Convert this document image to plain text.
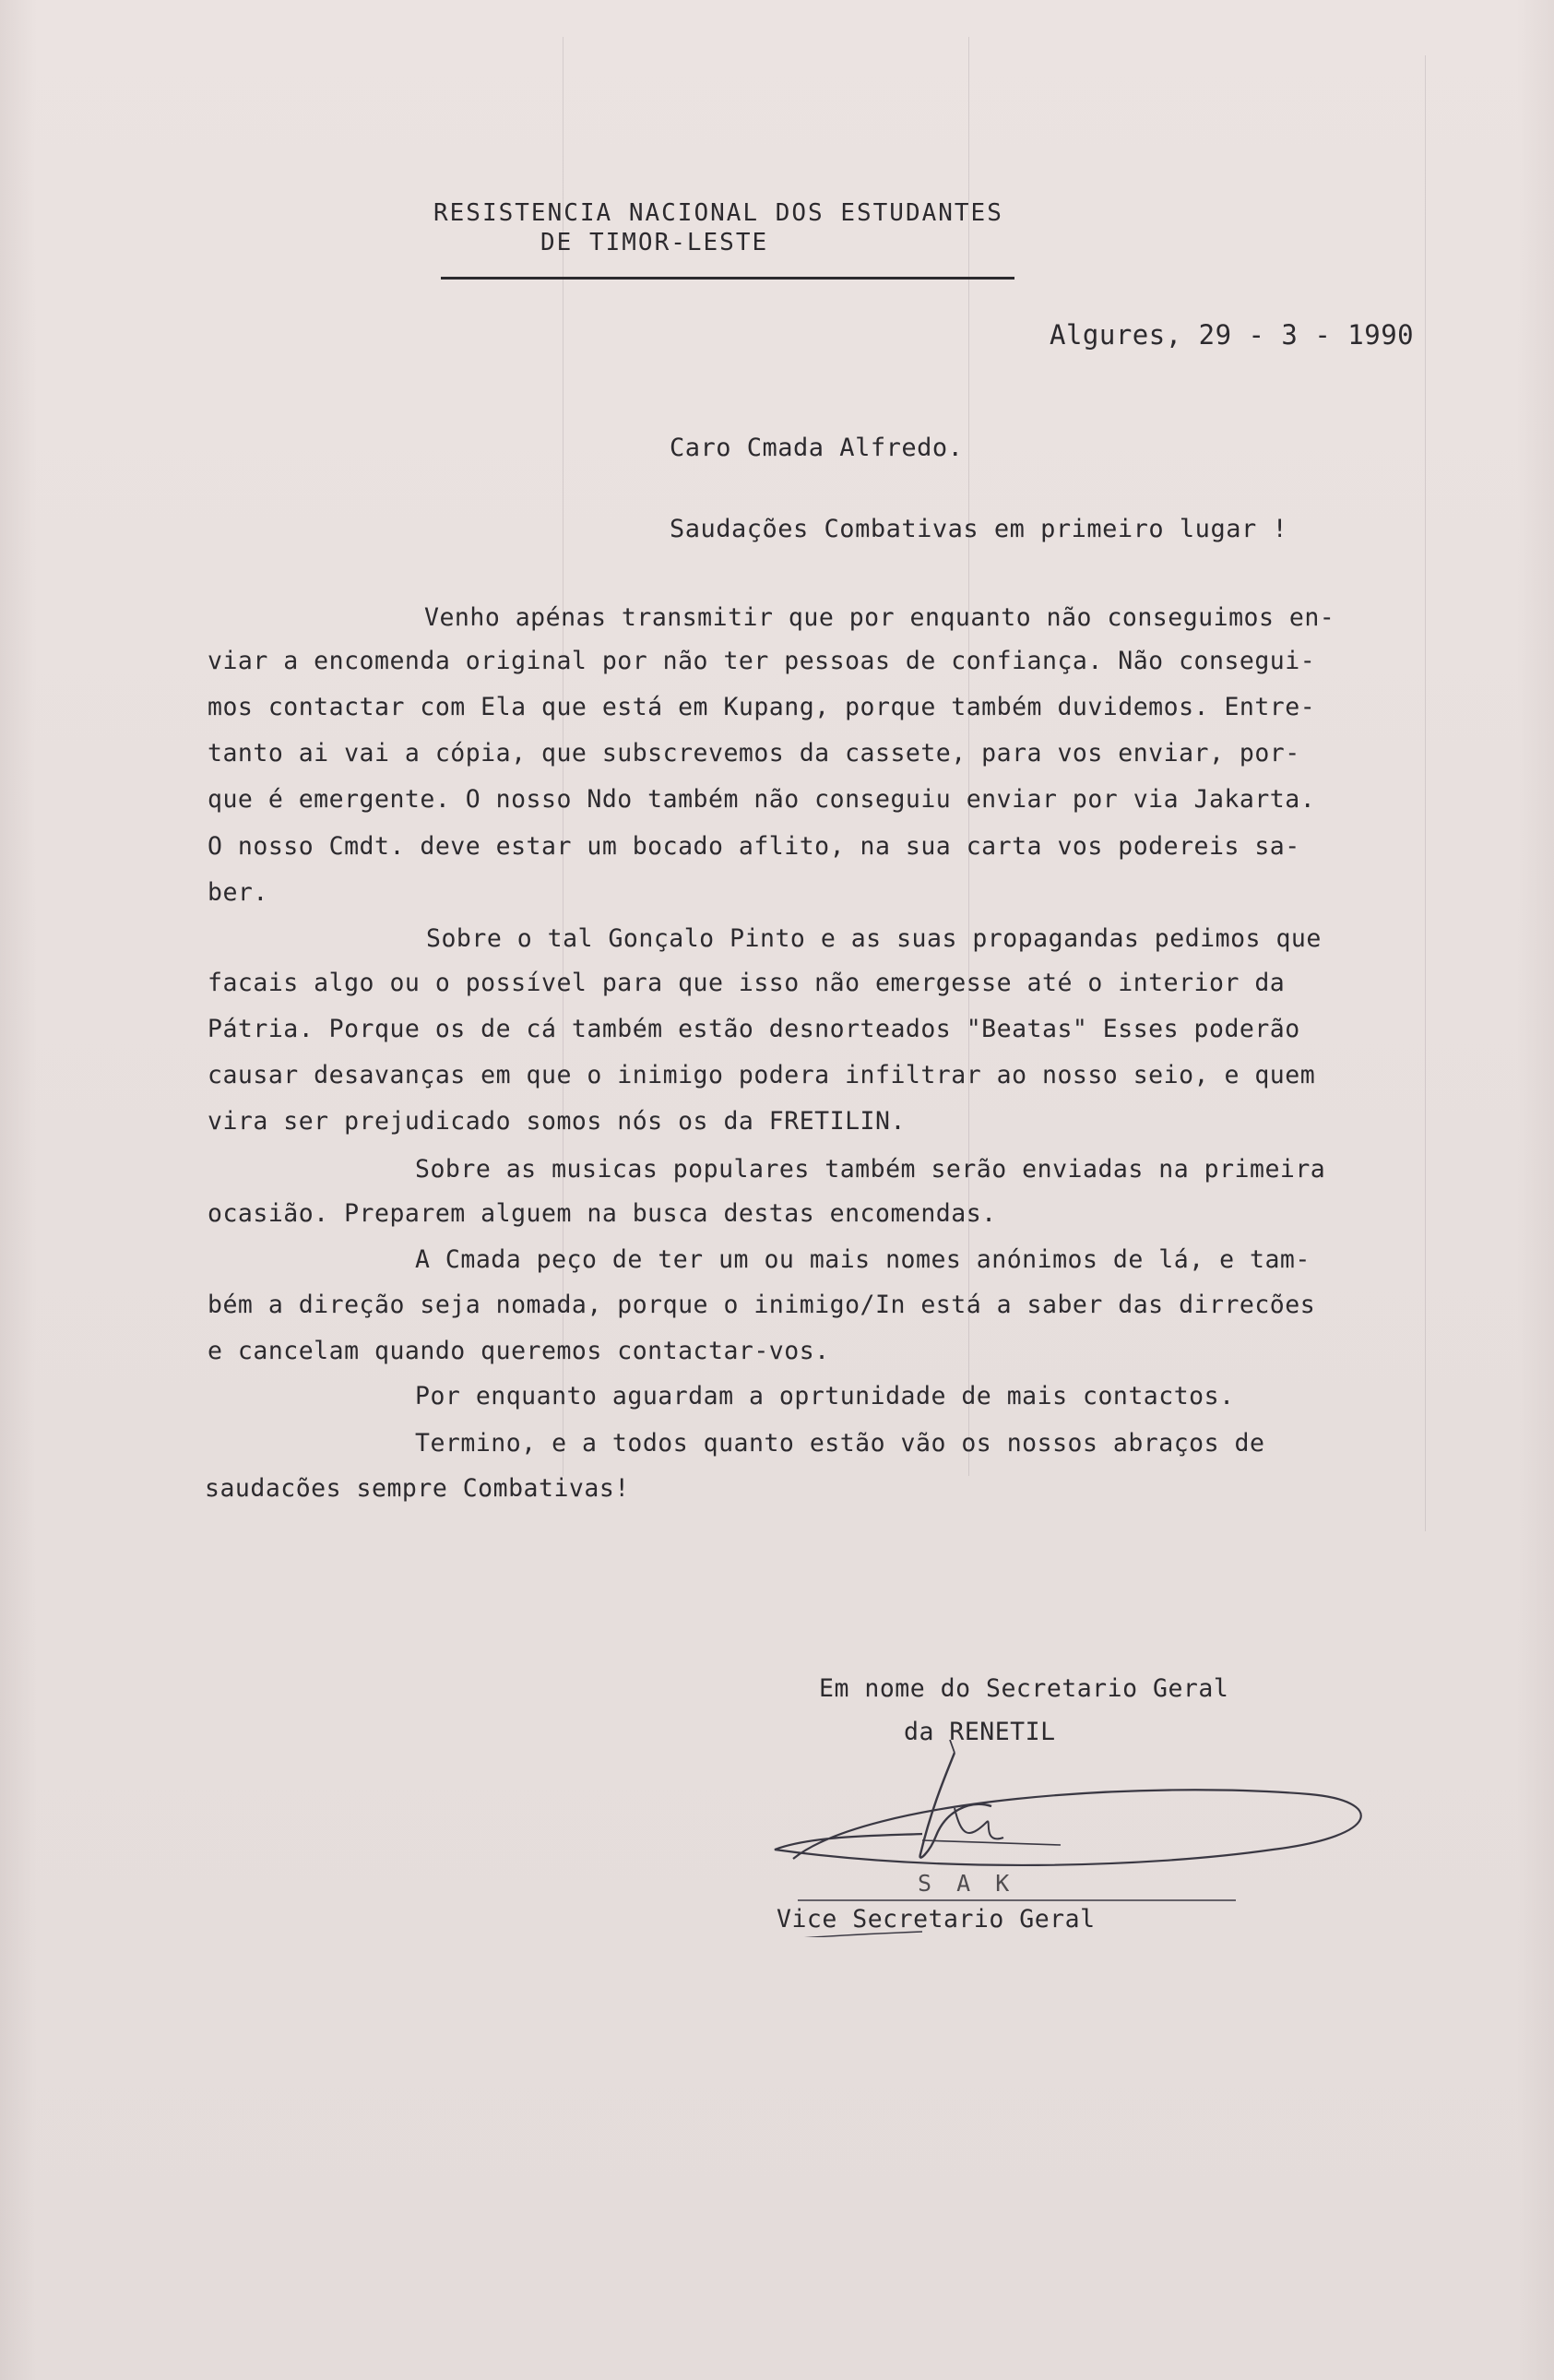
RESISTENCIA NACIONAL DOS ESTUDANTES
DE TIMOR-LESTE
Algures, 29 - 3 - 1990
Caro Cmada Alfredo.
Saudações Combativas em primeiro lugar !
Venho apénas transmitir que por enquanto não conseguimos en-
viar a encomenda original por não ter pessoas de confiança. Não consegui-
mos contactar com Ela que está em Kupang, porque também duvidemos. Entre-
tanto ai vai a cópia, que subscrevemos da cassete, para vos enviar, por-
que é emergente. O nosso Ndo também não conseguiu enviar por via Jakarta.
O nosso Cmdt. deve estar um bocado aflito, na sua carta vos podereis sa-
ber.
Sobre o tal Gonçalo Pinto e as suas propagandas pedimos que
facais algo ou o possível para que isso não emergesse até o interior da
Pátria. Porque os de cá também estão desnorteados "Beatas" Esses poderão
causar desavanças em que o inimigo podera infiltrar ao nosso seio, e quem
vira ser prejudicado somos nós os da FRETILIN.
Sobre as musicas populares também serão enviadas na primeira
ocasião. Preparem alguem na busca destas encomendas.
A Cmada peço de ter um ou mais nomes anónimos de lá, e tam-
bém a direção seja nomada, porque o inimigo/In está a saber das dirrecões
e cancelam quando queremos contactar-vos.
Por enquanto aguardam a oprtunidade de mais contactos.
Termino, e a todos quanto estão vão os nossos abraços de
saudacões sempre Combativas!
Em nome do Secretario Geral
da RENETIL
S A K
Vice Secretario Geral
